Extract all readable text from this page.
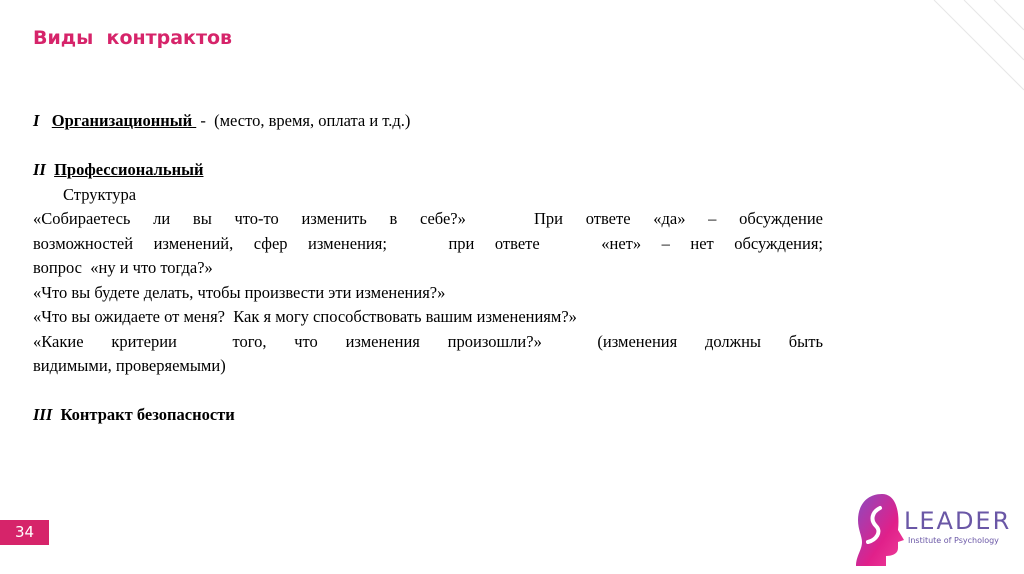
Виды  контрактов
I Организационный  -  (место, время, оплата и т.д.)
II Профессиональный
Структура
«Собираетесь ли вы что-то изменить в себе?»   При ответе «да» – обсуждение
возможностей изменений, сфер изменения;   при ответе   «нет» – нет обсуждения;
вопрос  «ну и что тогда?»
«Что вы будете делать, чтобы произвести эти изменения?»
«Что вы ожидаете от меня?  Как я могу способствовать вашим изменениям?»
«Какие  критерии    того,  что  изменения  произошли?»    (изменения  должны  быть
видимыми, проверяемыми)
III Контракт безопасности
34	LEADER
Institute of Psychology
